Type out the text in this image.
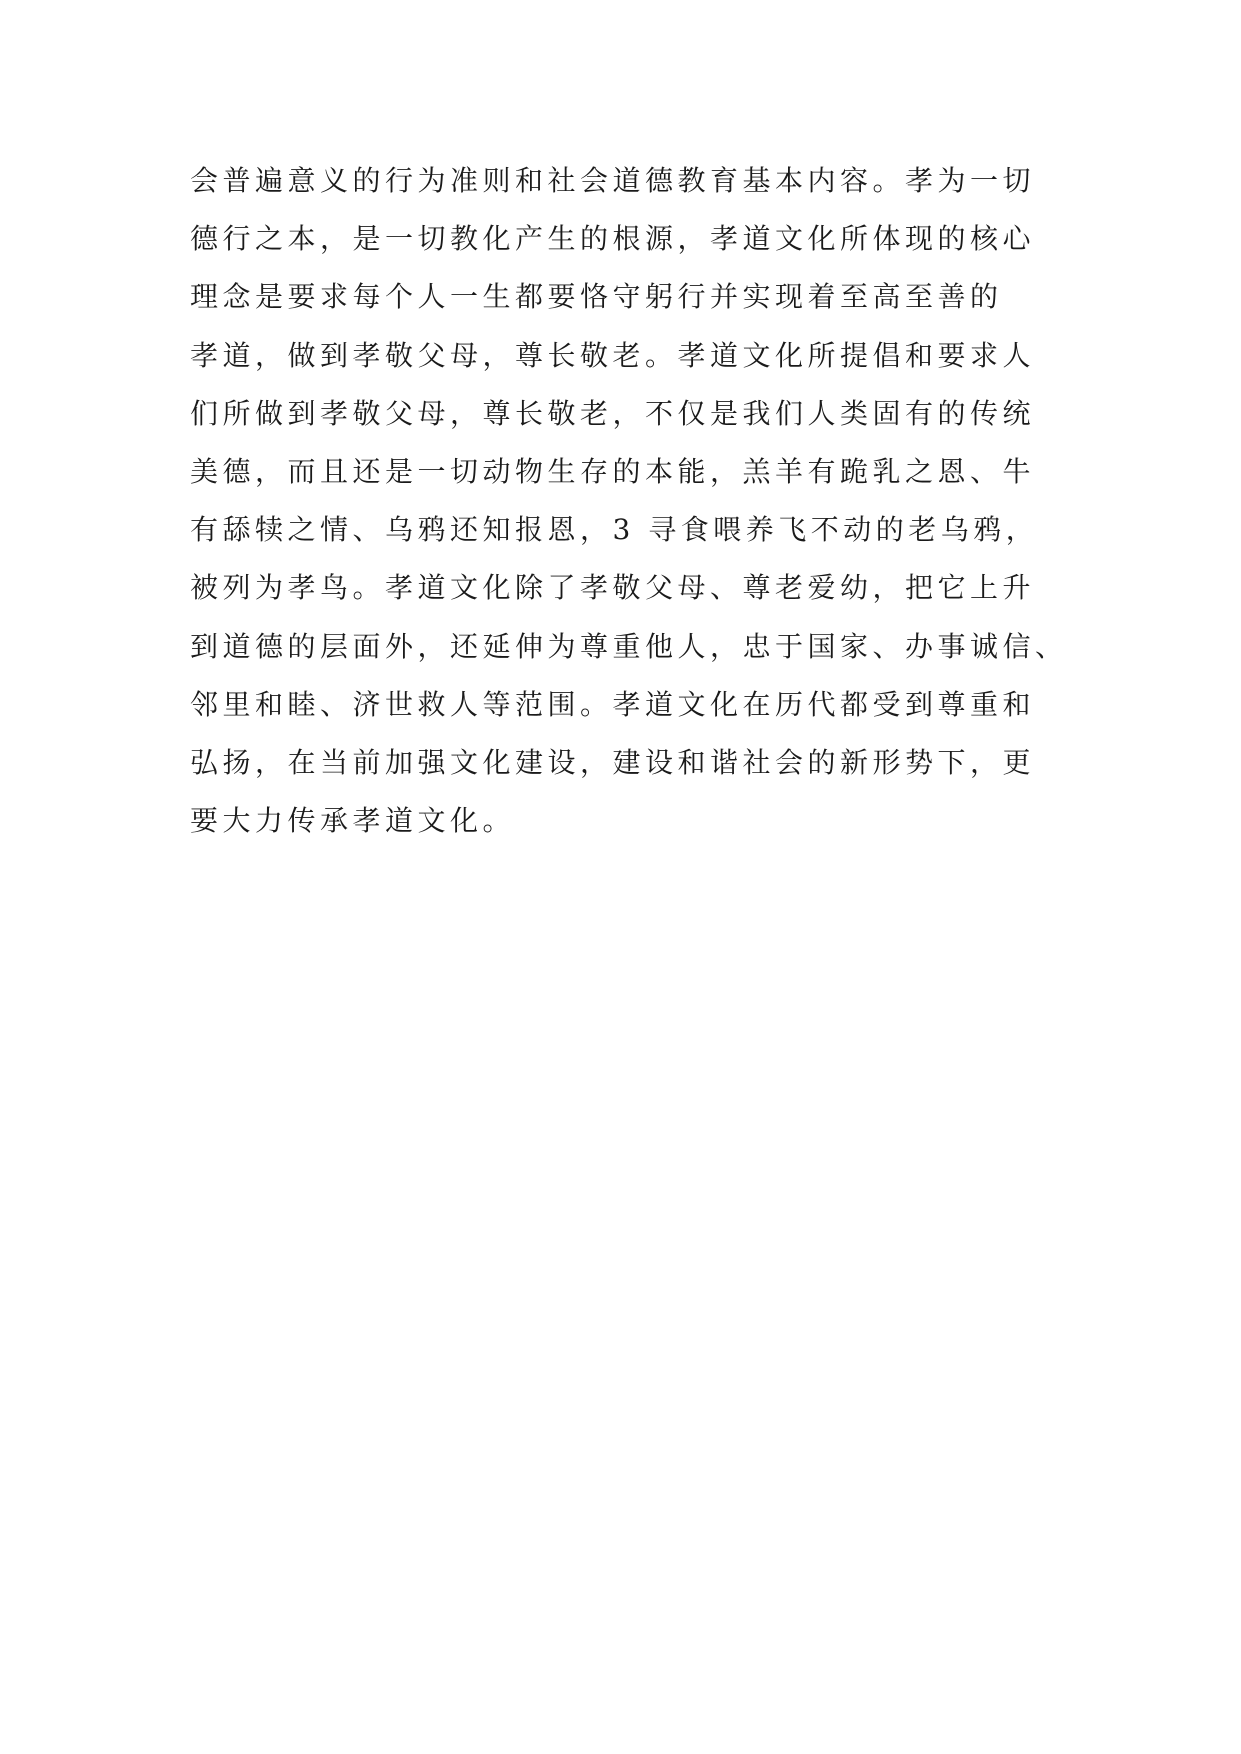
会普遍意义的行为准则和社会道德教育基本内容。孝为一切
德行之本，是一切教化产生的根源，孝道文化所体现的核心
理念是要求每个人一生都要恪守躬行并实现着至高至善的
孝道，做到孝敬父母，尊长敬老。孝道文化所提倡和要求人
们所做到孝敬父母，尊长敬老，不仅是我们人类固有的传统
美德，而且还是一切动物生存的本能，羔羊有跪乳之恩、牛
有舔犊之情、乌鸦还知报恩，3 寻食喂养飞不动的老乌鸦，
被列为孝鸟。孝道文化除了孝敬父母、尊老爱幼，把它上升
到道德的层面外，还延伸为尊重他人，忠于国家、办事诚信、
邻里和睦、济世救人等范围。孝道文化在历代都受到尊重和
弘扬，在当前加强文化建设，建设和谐社会的新形势下，更
要大力传承孝道文化。
